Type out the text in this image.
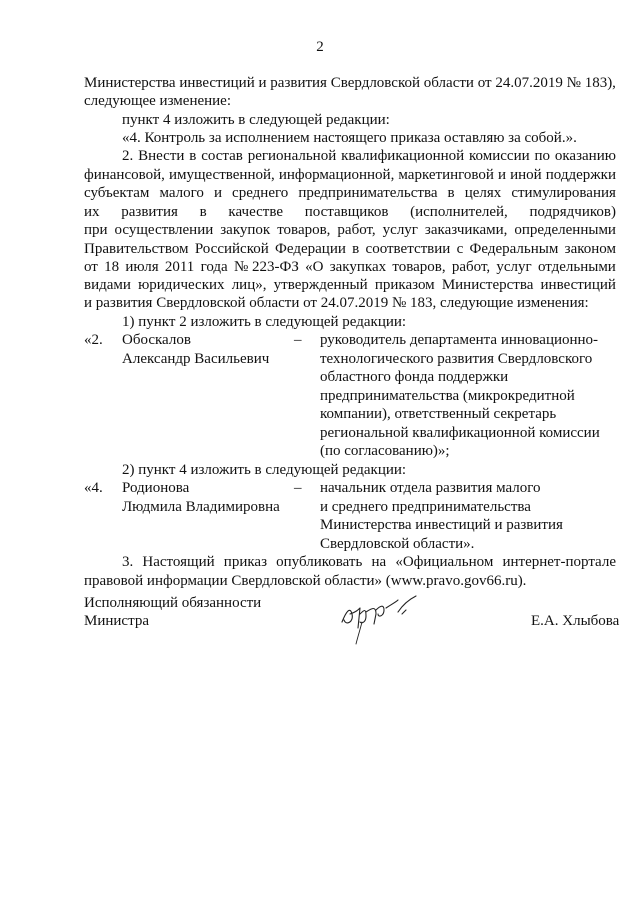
2
Министерства инвестиций и развития Свердловской области от 24.07.2019 № 183),
следующее изменение:
пункт 4 изложить в следующей редакции:
«4. Контроль за исполнением настоящего приказа оставляю за собой.».
2. Внести в состав региональной квалификационной комиссии по оказанию
финансовой, имущественной, информационной, маркетинговой и иной поддержки
субъектам малого и среднего предпринимательства в целях стимулирования
их развития в качестве поставщиков (исполнителей, подрядчиков)
при осуществлении закупок товаров, работ, услуг заказчиками, определенными
Правительством Российской Федерации в соответствии с Федеральным законом
от 18 июля 2011 года № 223-ФЗ «О закупках товаров, работ, услуг отдельными
видами юридических лиц», утвержденный приказом Министерства инвестиций
и развития Свердловской области от 24.07.2019 № 183, следующие изменения:
1) пункт 2 изложить в следующей редакции:
«2. Обоскалов
Александр Васильевич
– руководитель департамента инновационно-
технологического развития Свердловского
областного фонда поддержки
предпринимательства (микрокредитной
компании), ответственный секретарь
региональной квалификационной комиссии
(по согласованию)»;
2) пункт 4 изложить в следующей редакции:
«4. Родионова
Людмила Владимировна
– начальник отдела развития малого
и среднего предпринимательства
Министерства инвестиций и развития
Свердловской области».
3. Настоящий приказ опубликовать на «Официальном интернет-портале
правовой информации Свердловской области» (www.pravo.gov66.ru).
Исполняющий обязанности
Министра	Е.А. Хлыбова
